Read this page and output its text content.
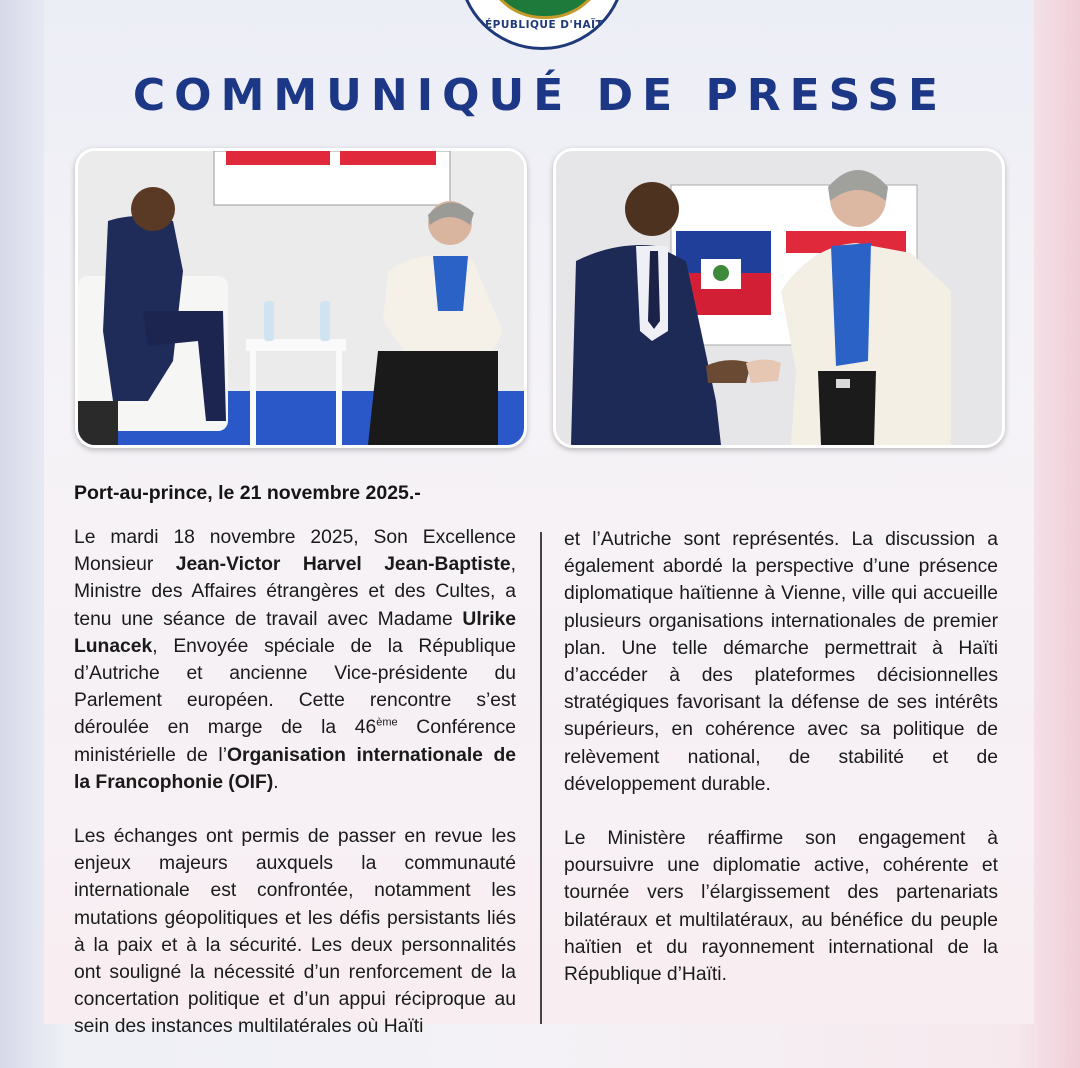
RÉPUBLIQUE D'HAÏTI
COMMUNIQUÉ DE PRESSE
Port-au-prince, le 21 novembre 2025.-

Le mardi 18 novembre 2025, Son Excellence Monsieur Jean-Victor Harvel Jean-Baptiste, Ministre des Affaires étrangères et des Cultes, a tenu une séance de travail avec Madame Ulrike Lunacek, Envoyée spéciale de la République d’Autriche et ancienne Vice-présidente du Parlement européen. Cette rencontre s’est déroulée en marge de la 46ème Conférence ministérielle de l’Organisation internationale de la Francophonie (OIF).

Les échanges ont permis de passer en revue les enjeux majeurs auxquels la communauté internationale est confrontée, notamment les mutations géopolitiques et les défis persistants liés à la paix et à la sécurité. Les deux personnalités ont souligné la nécessité d’un renforcement de la concertation politique et d’un appui réciproque au sein des instances multilatérales où Haïti

et l’Autriche sont représentés. La discussion a également abordé la perspective d’une présence diplomatique haïtienne à Vienne, ville qui accueille plusieurs organisations internationales de premier plan. Une telle démarche permettrait à Haïti d’accéder à des plateformes décisionnelles stratégiques favorisant la défense de ses intérêts supérieurs, en cohérence avec sa politique de relèvement national, de stabilité et de développement durable.

Le Ministère réaffirme son engagement à poursuivre une diplomatie active, cohérente et tournée vers l’élargissement des partenariats bilatéraux et multilatéraux, au bénéfice du peuple haïtien et du rayonnement international de la République d’Haïti.
